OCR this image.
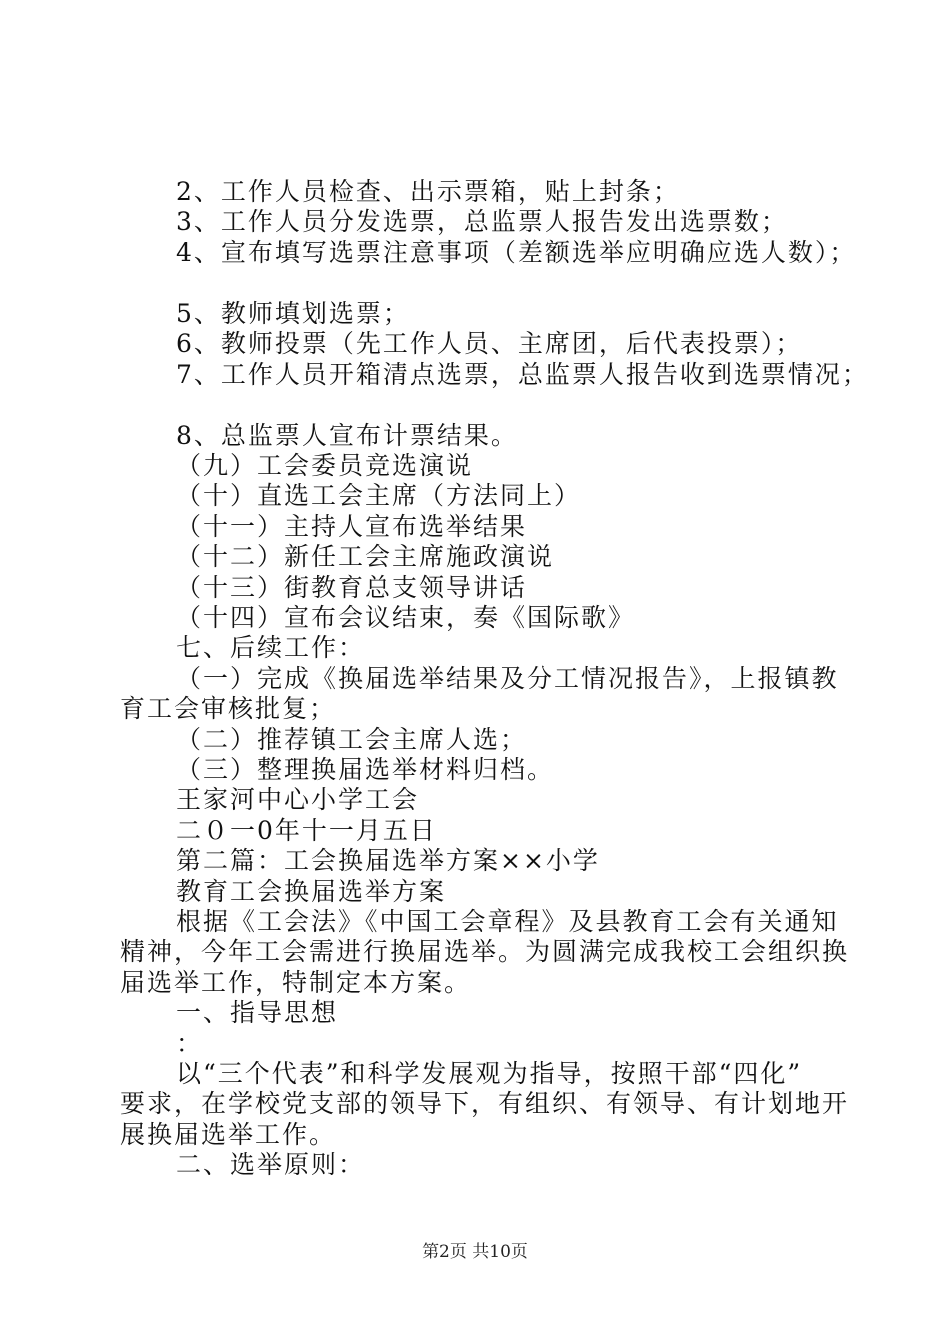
2、工作人员检查、出示票箱，贴上封条；
3、工作人员分发选票，总监票人报告发出选票数；
4、宣布填写选票注意事项（差额选举应明确应选人数）；
5、教师填划选票；
6、教师投票（先工作人员、主席团，后代表投票）；
7、工作人员开箱清点选票，总监票人报告收到选票情况；
8、总监票人宣布计票结果。
（九）工会委员竞选演说
（十）直选工会主席（方法同上）
（十一）主持人宣布选举结果
（十二）新任工会主席施政演说
（十三）街教育总支领导讲话
（十四）宣布会议结束，奏《国际歌》
七、后续工作：
（一）完成《换届选举结果及分工情况报告》，上报镇教
育工会审核批复；
（二）推荐镇工会主席人选；
（三）整理换届选举材料归档。
王家河中心小学工会
二０一0年十一月五日
第二篇：工会换届选举方案××小学
教育工会换届选举方案
根据《工会法》《中国工会章程》及县教育工会有关通知
精神，今年工会需进行换届选举。为圆满完成我校工会组织换
届选举工作，特制定本方案。
一、指导思想
：
以“三个代表”和科学发展观为指导，按照干部“四化”
要求，在学校党支部的领导下，有组织、有领导、有计划地开
展换届选举工作。
二、选举原则：
第2页 共10页
